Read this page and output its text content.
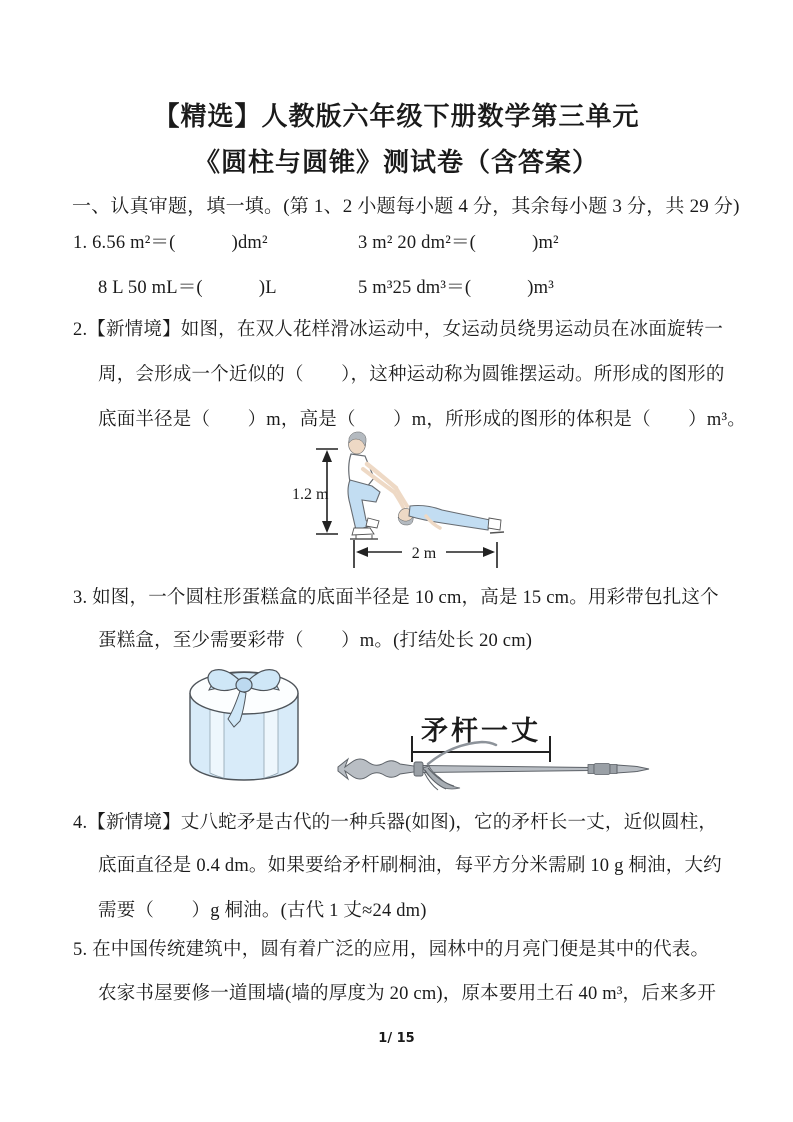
【精选】人教版六年级下册数学第三单元
《圆柱与圆锥》测试卷（含答案）
一、认真审题，填一填。(第 1、2 小题每小题 4 分，其余每小题 3 分，共 29 分)
1. 6.56 m²＝(　　　)dm²	3 m² 20 dm²＝(　　　)m²
8 L 50 mL＝(　　　)L	5 m³25 dm³＝(　　　)m³
2.【新情境】如图，在双人花样滑冰运动中，女运动员绕男运动员在冰面旋转一
周，会形成一个近似的（　　），这种运动称为圆锥摆运动。所形成的图形的
底面半径是（　　）m，高是（　　）m，所形成的图形的体积是（　　）m³。
1.2 m
2 m
3. 如图，一个圆柱形蛋糕盒的底面半径是 10 cm，高是 15 cm。用彩带包扎这个
蛋糕盒，至少需要彩带（　　）m。(打结处长 20 cm)
矛杆一丈
4.【新情境】丈八蛇矛是古代的一种兵器(如图)，它的矛杆长一丈，近似圆柱，
底面直径是 0.4 dm。如果要给矛杆刷桐油，每平方分米需刷 10 g 桐油，大约
需要（　　）g 桐油。(古代 1 丈≈24 dm)
5. 在中国传统建筑中，圆有着广泛的应用，园林中的月亮门便是其中的代表。
农家书屋要修一道围墙(墙的厚度为 20 cm)，原本要用土石 40 m³，后来多开
1/ 15
